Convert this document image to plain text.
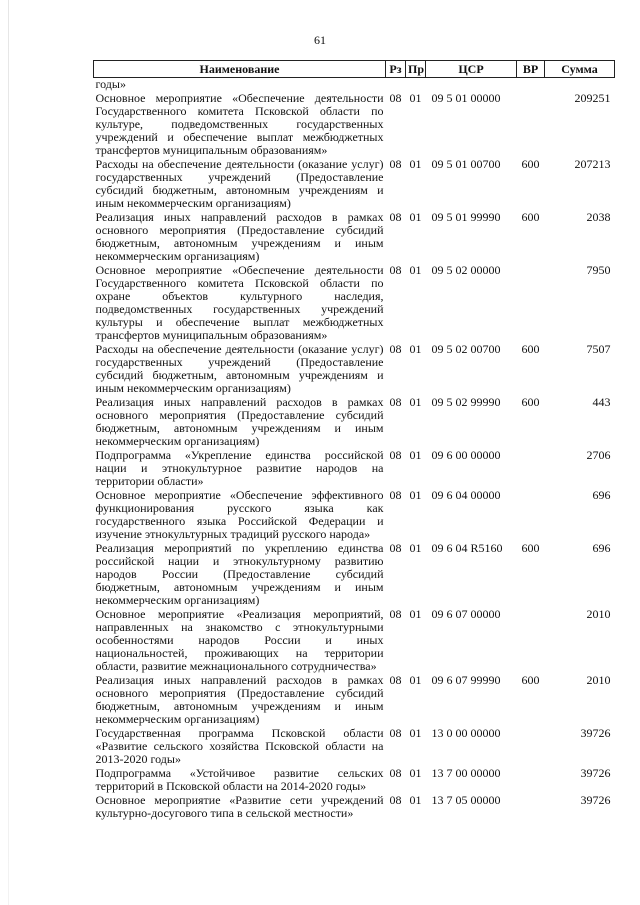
61
Наименование	Рз	Пр	ЦСР	ВР	Сумма
годы»					
Основное мероприятие «Обеспечение деятельности Государственного комитета Псковской области по культуре, подведомственных государственных учреждений и обеспечение выплат межбюджетных трансфертов муниципальным образованиям»	08	01	09 5 01 00000		209251
Расходы на обеспечение деятельности (оказание услуг) государственных учреждений (Предоставление субсидий бюджетным, автономным учреждениям и иным некоммерческим организациям)	08	01	09 5 01 00700	600	207213
Реализация иных направлений расходов в рамках основного мероприятия (Предоставление субсидий бюджетным, автономным учреждениям и иным некоммерческим организациям)	08	01	09 5 01 99990	600	2038
Основное мероприятие «Обеспечение деятельности Государственного комитета Псковской области по охране объектов культурного наследия, подведомственных государственных учреждений культуры и обеспечение выплат межбюджетных трансфертов муниципальным образованиям»	08	01	09 5 02 00000		7950
Расходы на обеспечение деятельности (оказание услуг) государственных учреждений (Предоставление субсидий бюджетным, автономным учреждениям и иным некоммерческим организациям)	08	01	09 5 02 00700	600	7507
Реализация иных направлений расходов в рамках основного мероприятия (Предоставление субсидий бюджетным, автономным учреждениям и иным некоммерческим организациям)	08	01	09 5 02 99990	600	443
Подпрограмма «Укрепление единства российской нации и этнокультурное развитие народов на территории области»	08	01	09 6 00 00000		2706
Основное мероприятие «Обеспечение эффективного функционирования русского языка как государственного языка Российской Федерации и изучение этнокультурных традиций русского народа»	08	01	09 6 04 00000		696
Реализация мероприятий по укреплению единства российской нации и этнокультурному развитию народов России (Предоставление субсидий бюджетным, автономным учреждениям и иным некоммерческим организациям)	08	01	09 6 04 R5160	600	696
Основное мероприятие «Реализация мероприятий, направленных на знакомство с этнокультурными особенностями народов России и иных национальностей, проживающих на территории области, развитие межнационального сотрудничества»	08	01	09 6 07 00000		2010
Реализация иных направлений расходов в рамках основного мероприятия (Предоставление субсидий бюджетным, автономным учреждениям и иным некоммерческим организациям)	08	01	09 6 07 99990	600	2010
Государственная программа Псковской области «Развитие сельского хозяйства Псковской области на 2013-2020 годы»	08	01	13 0 00 00000		39726
Подпрограмма «Устойчивое развитие сельских территорий в Псковской области на 2014-2020 годы»	08	01	13 7 00 00000		39726
Основное мероприятие «Развитие сети учреждений культурно-досугового типа в сельской местности»	08	01	13 7 05 00000		39726
